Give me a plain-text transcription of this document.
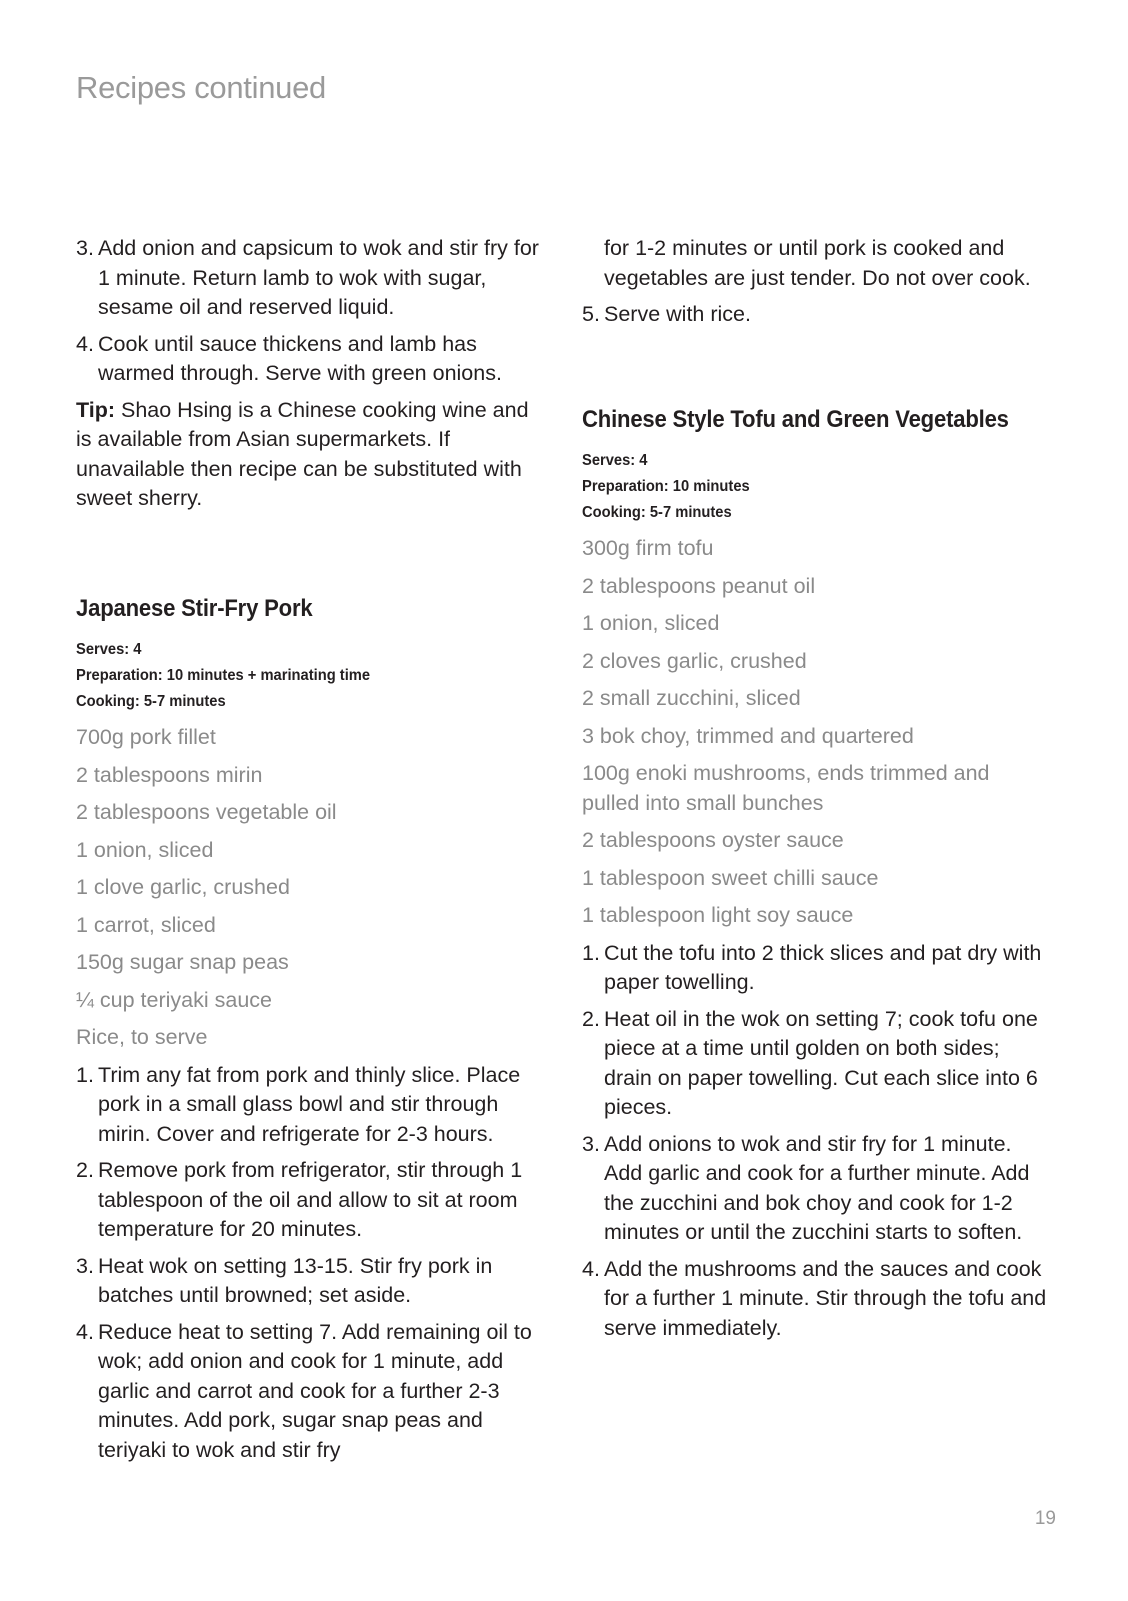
Recipes continued
3. Add onion and capsicum to wok and stir fry for 1 minute. Return lamb to wok with sugar, sesame oil and reserved liquid.
4. Cook until sauce thickens and lamb has warmed through. Serve with green onions.
Tip: Shao Hsing is a Chinese cooking wine and is available from Asian supermarkets. If unavailable then recipe can be substituted with sweet sherry.
Japanese Stir-Fry Pork
Serves: 4
Preparation: 10 minutes + marinating time
Cooking: 5-7 minutes
700g pork fillet
2 tablespoons mirin
2 tablespoons vegetable oil
1 onion, sliced
1 clove garlic, crushed
1 carrot, sliced
150g sugar snap peas
¼ cup teriyaki sauce
Rice, to serve
1. Trim any fat from pork and thinly slice. Place pork in a small glass bowl and stir through mirin. Cover and refrigerate for 2-3 hours.
2. Remove pork from refrigerator, stir through 1 tablespoon of the oil and allow to sit at room temperature for 20 minutes.
3. Heat wok on setting 13-15. Stir fry pork in batches until browned; set aside.
4. Reduce heat to setting 7. Add remaining oil to wok; add onion and cook for 1 minute, add garlic and carrot and cook for a further 2-3 minutes. Add pork, sugar snap peas and teriyaki to wok and stir fry
for 1-2 minutes or until pork is cooked and vegetables are just tender. Do not over cook.
5. Serve with rice.
Chinese Style Tofu and Green Vegetables
Serves: 4
Preparation: 10 minutes
Cooking: 5-7 minutes
300g firm tofu
2 tablespoons peanut oil
1 onion, sliced
2 cloves garlic, crushed
2 small zucchini, sliced
3 bok choy, trimmed and quartered
100g enoki mushrooms, ends trimmed and pulled into small bunches
2 tablespoons oyster sauce
1 tablespoon sweet chilli sauce
1 tablespoon light soy sauce
1. Cut the tofu into 2 thick slices and pat dry with paper towelling.
2. Heat oil in the wok on setting 7; cook tofu one piece at a time until golden on both sides; drain on paper towelling. Cut each slice into 6 pieces.
3. Add onions to wok and stir fry for 1 minute. Add garlic and cook for a further minute. Add the zucchini and bok choy and cook for 1-2 minutes or until the zucchini starts to soften.
4. Add the mushrooms and the sauces and cook for a further 1 minute. Stir through the tofu and serve immediately.
19
